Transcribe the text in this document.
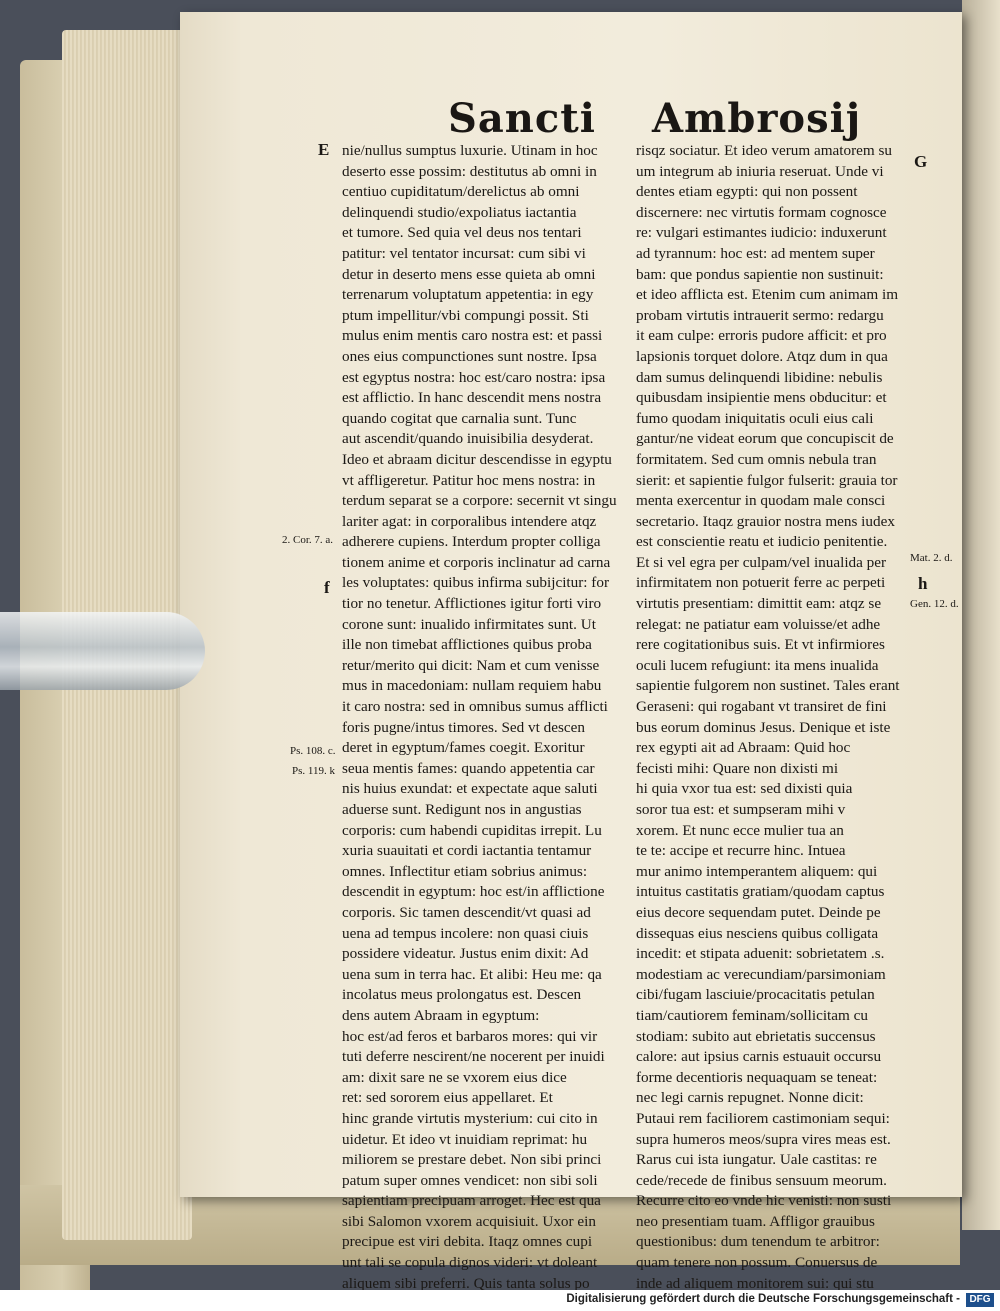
Sancti Ambrosij
E
2. Cor. 7. a.
f
Ps. 108. c.
Ps. 119. k
G
Mat. 2. d.
h
Gen. 12. d.
nie/nullus sumptus luxurie. Utinam in hoc
deserto esse possim: destitutus ab omni in
centiuo cupiditatum/derelictus ab omni
delinquendi studio/expoliatus iactantia
et tumore. Sed quia vel deus nos tentari
patitur: vel tentator incursat: cum sibi vi
detur in deserto mens esse quieta ab omni
terrenarum voluptatum appetentia: in egy
ptum impellitur/vbi compungi possit. Sti
mulus enim mentis caro nostra est: et passi
ones eius compunctiones sunt nostre. Ipsa
est egyptus nostra: hoc est/caro nostra: ipsa
est afflictio. In hanc descendit mens nostra
quando cogitat que carnalia sunt. Tunc
aut ascendit/quando inuisibilia desyderat.
Ideo et abraam dicitur descendisse in egyptu
vt affligeretur. Patitur hoc mens nostra: in
terdum separat se a corpore: secernit vt singu
lariter agat: in corporalibus intendere atqz
adherere cupiens. Interdum propter colliga
tionem anime et corporis inclinatur ad carna
les voluptates: quibus infirma subijcitur: for
tior no tenetur. Afflictiones igitur forti viro
corone sunt: inualido infirmitates sunt. Ut
ille non timebat afflictiones quibus proba
retur/merito qui dicit: Nam et cum venisse
mus in macedoniam: nullam requiem habu
it caro nostra: sed in omnibus sumus afflicti
foris pugne/intus timores. Sed vt descen
deret in egyptum/fames coegit. Exoritur
seua mentis fames: quando appetentia car
nis huius exundat: et expectate aque saluti
aduerse sunt. Redigunt nos in angustias
corporis: cum habendi cupiditas irrepit. Lu
xuria suauitati et cordi iactantia tentamur
omnes. Inflectitur etiam sobrius animus:
descendit in egyptum: hoc est/in afflictione
corporis. Sic tamen descendit/vt quasi ad
uena ad tempus incolere: non quasi ciuis
possidere videatur. Justus enim dixit: Ad
uena sum in terra hac. Et alibi: Heu me: qa
incolatus meus prolongatus est. Descen
dens autem Abraam in egyptum:
hoc est/ad feros et barbaros mores: qui vir
tuti deferre nescirent/ne nocerent per inuidi
am: dixit sare ne se vxorem eius dice
ret: sed sororem eius appellaret. Et
hinc grande virtutis mysterium: cui cito in
uidetur. Et ideo vt inuidiam reprimat: hu
miliorem se prestare debet. Non sibi princi
patum super omnes vendicet: non sibi soli
sapientiam precipuam arroget. Hec est qua
sibi Salomon vxorem acquisiuit. Uxor ein
precipue est viri debita. Itaqz omnes cupi
unt tali se copula dignos videri: vt doleant
aliquem sibi preferri. Quis tanta solus po
risqz sociatur. Et ideo verum amatorem su
um integrum ab iniuria reseruat. Unde vi
dentes etiam egypti: qui non possent
discernere: nec virtutis formam cognosce
re: vulgari estimantes iudicio: induxerunt
ad tyrannum: hoc est: ad mentem super
bam: que pondus sapientie non sustinuit:
et ideo afflicta est. Etenim cum animam im
probam virtutis intrauerit sermo: redargu
it eam culpe: erroris pudore afficit: et pro
lapsionis torquet dolore. Atqz dum in qua
dam sumus delinquendi libidine: nebulis
quibusdam insipientie mens obducitur: et
fumo quodam iniquitatis oculi eius cali
gantur/ne videat eorum que concupiscit de
formitatem. Sed cum omnis nebula tran
sierit: et sapientie fulgor fulserit: grauia tor
menta exercentur in quodam male consci
secretario. Itaqz grauior nostra mens iudex
est conscientie reatu et iudicio penitentie.
Et si vel egra per culpam/vel inualida per
infirmitatem non potuerit ferre ac perpeti
virtutis presentiam: dimittit eam: atqz se
relegat: ne patiatur eam voluisse/et adhe
rere cogitationibus suis. Et vt infirmiores
oculi lucem refugiunt: ita mens inualida
sapientie fulgorem non sustinet. Tales erant
Geraseni: qui rogabant vt transiret de fini
bus eorum dominus Jesus. Denique et iste
rex egypti ait ad Abraam: Quid hoc
fecisti mihi: Quare non dixisti mi
hi quia vxor tua est: sed dixisti quia
soror tua est: et sumpseram mihi v
xorem. Et nunc ecce mulier tua an
te te: accipe et recurre hinc. Intuea
mur animo intemperantem aliquem: qui
intuitus castitatis gratiam/quodam captus
eius decore sequendam putet. Deinde pe
dissequas eius nesciens quibus colligata
incedit: et stipata aduenit: sobrietatem .s.
modestiam ac verecundiam/parsimoniam
cibi/fugam lasciuie/procacitatis petulan
tiam/cautiorem feminam/sollicitam cu
stodiam: subito aut ebrietatis succensus
calore: aut ipsius carnis estuauit occursu
forme decentioris nequaquam se teneat:
nec legi carnis repugnet. Nonne dicit:
Putaui rem faciliorem castimoniam sequi:
supra humeros meos/supra vires meas est.
Rarus cui ista iungatur. Uale castitas: re
cede/recede de finibus sensuum meorum.
Recurre cito eo vnde hic venisti: non susti
neo presentiam tuam. Affligor grauibus
questionibus: dum tenendum te arbitror:
quam tenere non possum. Conuersus de
inde ad aliquem monitorem sui: qui stu
Digitalisierung gefördert durch die Deutsche Forschungsgemeinschaft - DFG
